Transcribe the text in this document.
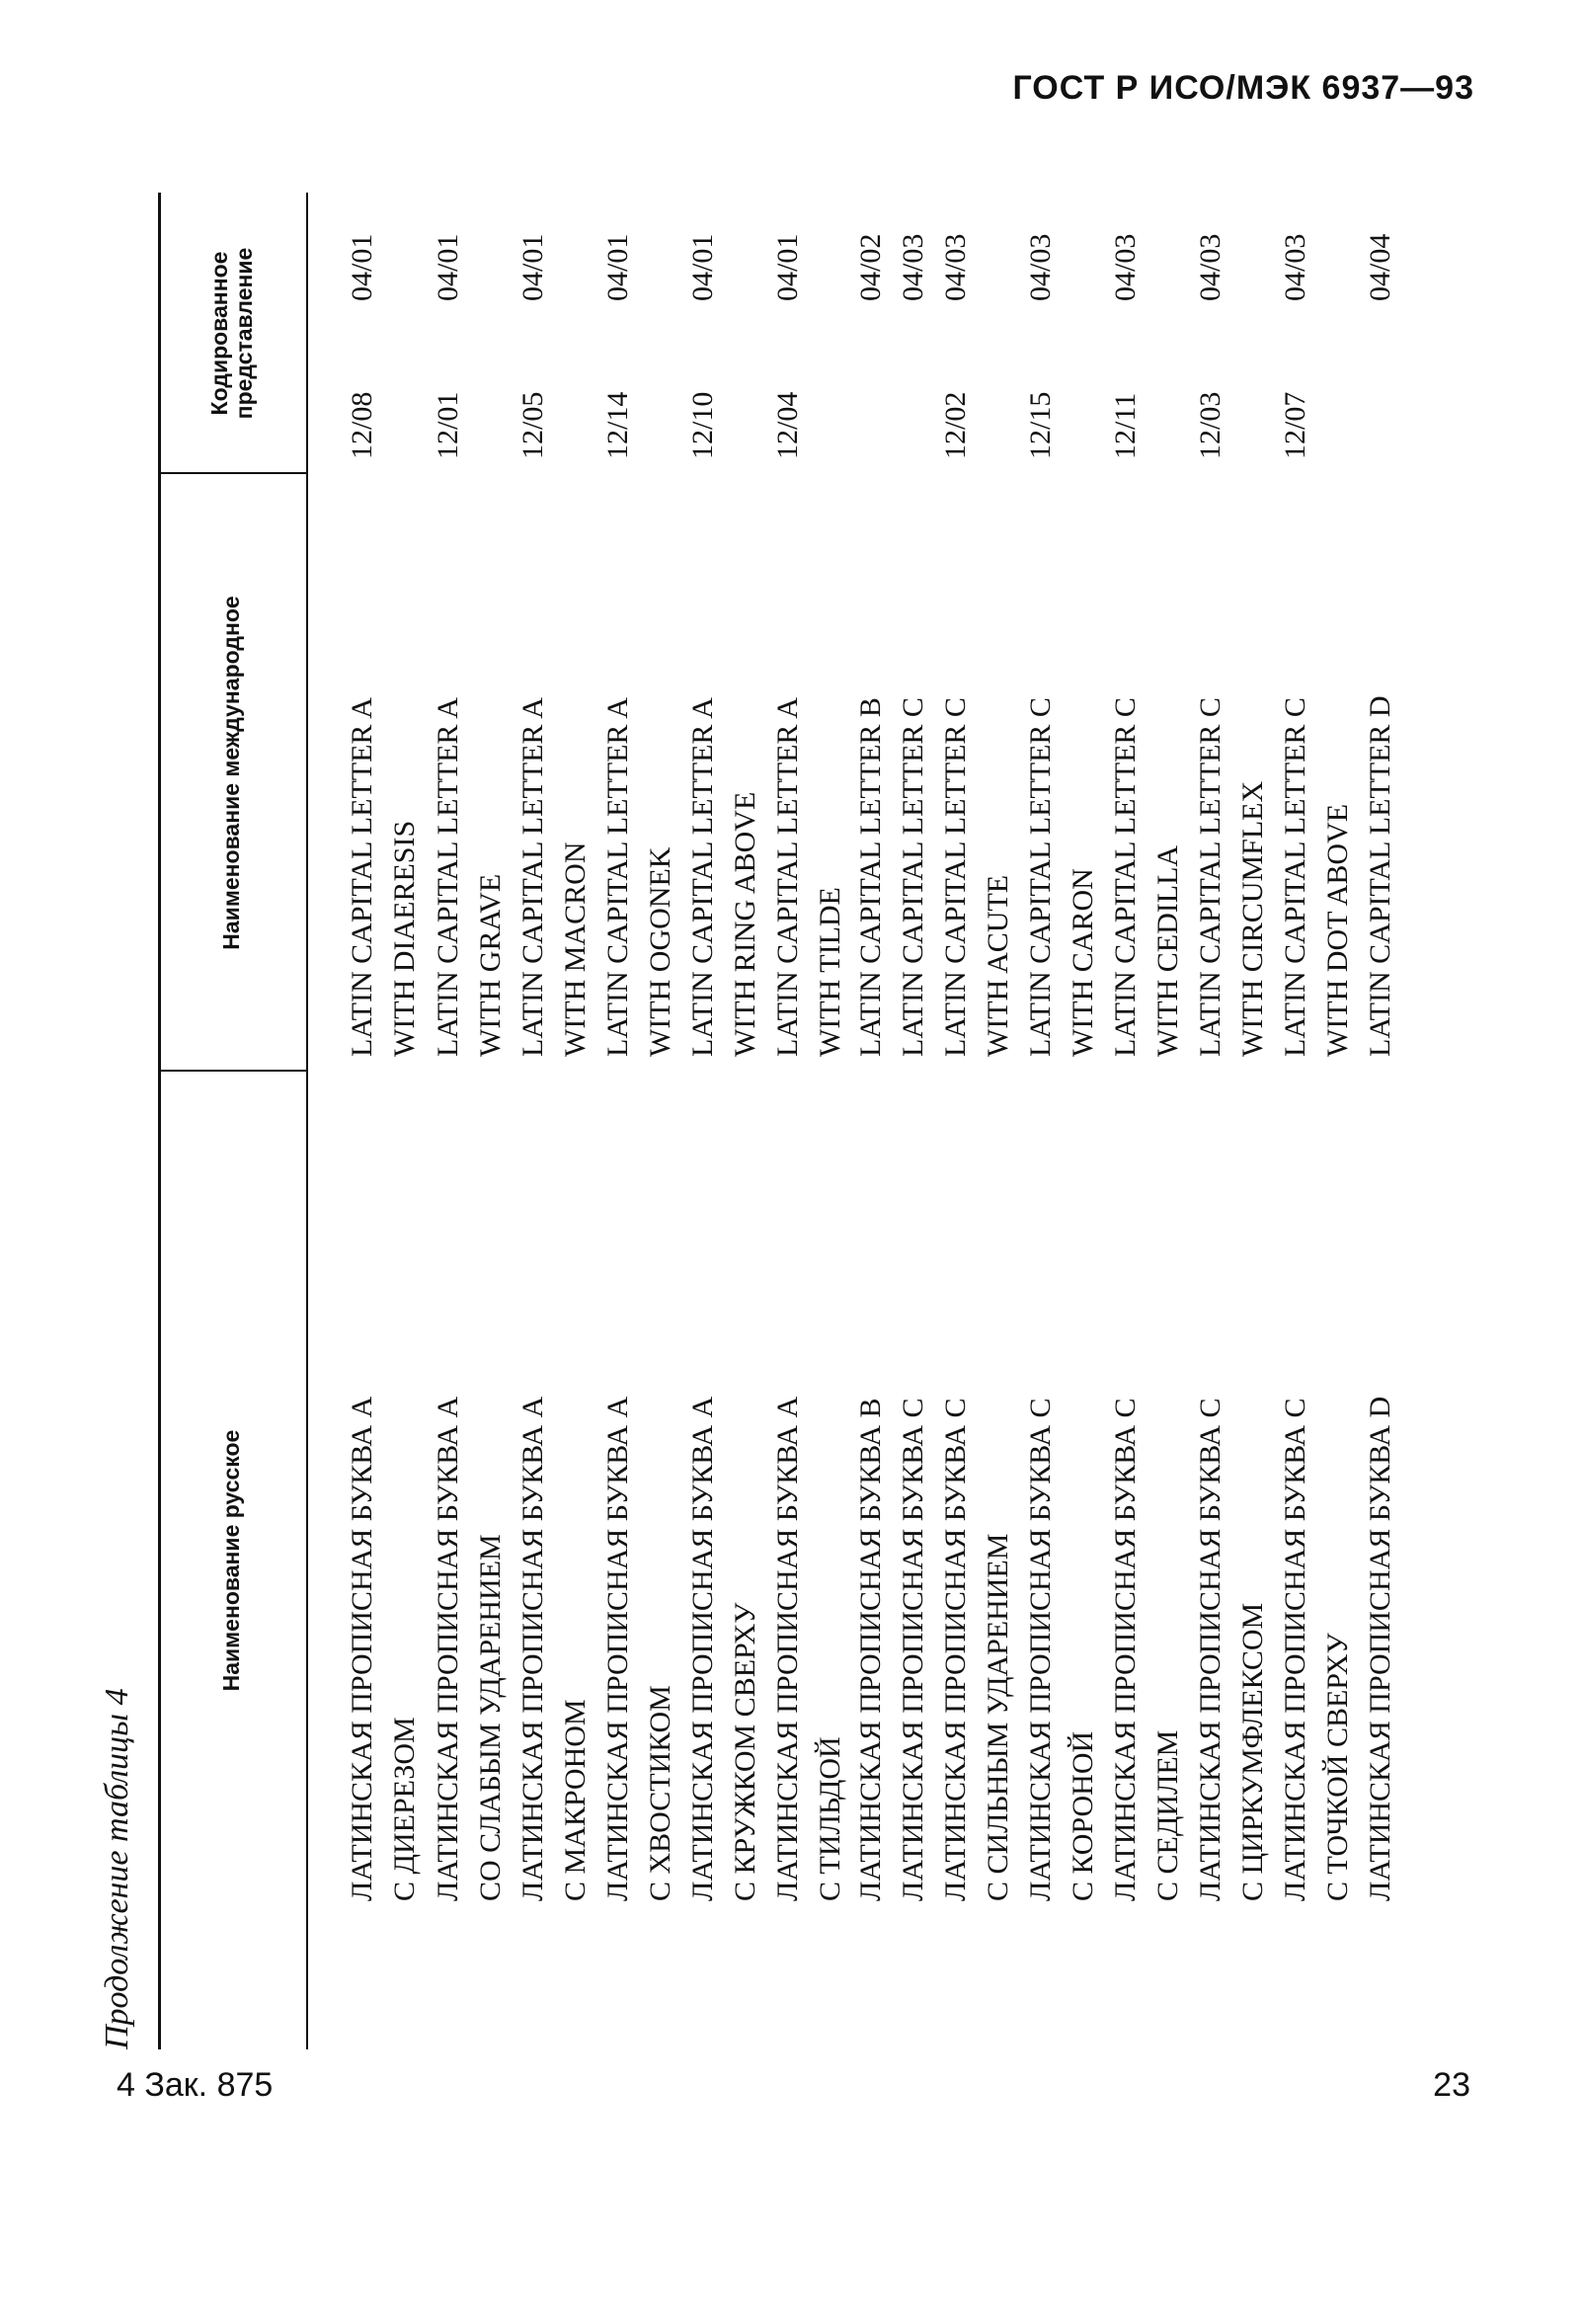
ГОСТ Р ИСО/МЭК 6937—93
Продолжение таблицы 4
Наименование русское
Наименование международное
Кодированное представление
ЛАТИНСКАЯ ПРОПИСНАЯ БУКВА А С ДИЕРЕЗОМ
LATIN CAPITAL LETTER A WITH DIAERESIS
12/08
04/01
ЛАТИНСКАЯ ПРОПИСНАЯ БУКВА А СО СЛАБЫМ УДАРЕНИЕМ
LATIN CAPITAL LETTER A WITH GRAVE
12/01
04/01
ЛАТИНСКАЯ ПРОПИСНАЯ БУКВА А С МАКРОНОМ
LATIN CAPITAL LETTER A WITH MACRON
12/05
04/01
ЛАТИНСКАЯ ПРОПИСНАЯ БУКВА А С ХВОСТИКОМ
LATIN CAPITAL LETTER A WITH OGONEK
12/14
04/01
ЛАТИНСКАЯ ПРОПИСНАЯ БУКВА А С КРУЖКОМ СВЕРХУ
LATIN CAPITAL LETTER A WITH RING ABOVE
12/10
04/01
ЛАТИНСКАЯ ПРОПИСНАЯ БУКВА А С ТИЛЬДОЙ
LATIN CAPITAL LETTER A WITH TILDE
12/04
04/01
ЛАТИНСКАЯ ПРОПИСНАЯ БУКВА B
LATIN CAPITAL LETTER B
04/02
ЛАТИНСКАЯ ПРОПИСНАЯ БУКВА С
LATIN CAPITAL LETTER C
04/03
ЛАТИНСКАЯ ПРОПИСНАЯ БУКВА С С СИЛЬНЫМ УДАРЕНИЕМ
LATIN CAPITAL LETTER C WITH ACUTE
12/02
04/03
ЛАТИНСКАЯ ПРОПИСНАЯ БУКВА С С КОРОНОЙ
LATIN CAPITAL LETTER C WITH CARON
12/15
04/03
ЛАТИНСКАЯ ПРОПИСНАЯ БУКВА С С СЕДИЛЕМ
LATIN CAPITAL LETTER C WITH CEDILLA
12/11
04/03
ЛАТИНСКАЯ ПРОПИСНАЯ БУКВА С С ЦИРКУМФЛЕКСОМ
LATIN CAPITAL LETTER C WITH CIRCUMFLEX
12/03
04/03
ЛАТИНСКАЯ ПРОПИСНАЯ БУКВА С С ТОЧКОЙ СВЕРХУ
LATIN CAPITAL LETTER C WITH DOT ABOVE
12/07
04/03
ЛАТИНСКАЯ ПРОПИСНАЯ БУКВА D
LATIN CAPITAL LETTER D
04/04
4 Зак. 875	23
